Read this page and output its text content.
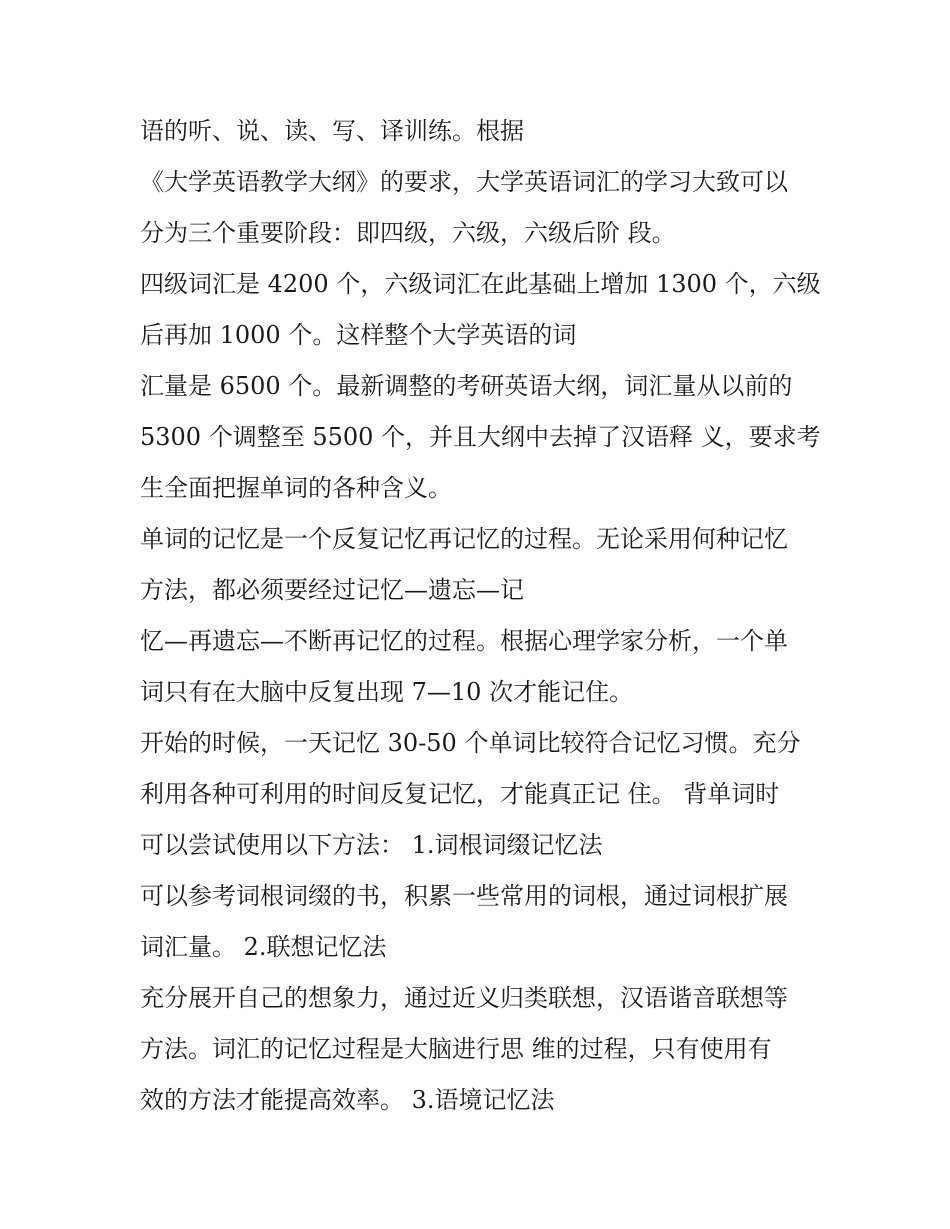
语的听、说、读、写、译训练。根据
《大学英语教学大纲》的要求，大学英语词汇的学习大致可以
分为三个重要阶段：即四级，六级，六级后阶 段。
四级词汇是 4200 个，六级词汇在此基础上增加 1300 个，六级
后再加 1000 个。这样整个大学英语的词
汇量是 6500 个。最新调整的考研英语大纲，词汇量从以前的
5300 个调整至 5500 个，并且大纲中去掉了汉语释 义，要求考
生全面把握单词的各种含义。
单词的记忆是一个反复记忆再记忆的过程。无论采用何种记忆
方法，都必须要经过记忆—遗忘—记
忆—再遗忘—不断再记忆的过程。根据心理学家分析，一个单
词只有在大脑中反复出现 7—10 次才能记住。
开始的时候，一天记忆 30-50 个单词比较符合记忆习惯。充分
利用各种可利用的时间反复记忆，才能真正记 住。 背单词时
可以尝试使用以下方法： 1.词根词缀记忆法
可以参考词根词缀的书，积累一些常用的词根，通过词根扩展
词汇量。 2.联想记忆法
充分展开自己的想象力，通过近义归类联想，汉语谐音联想等
方法。词汇的记忆过程是大脑进行思 维的过程，只有使用有
效的方法才能提高效率。 3.语境记忆法
